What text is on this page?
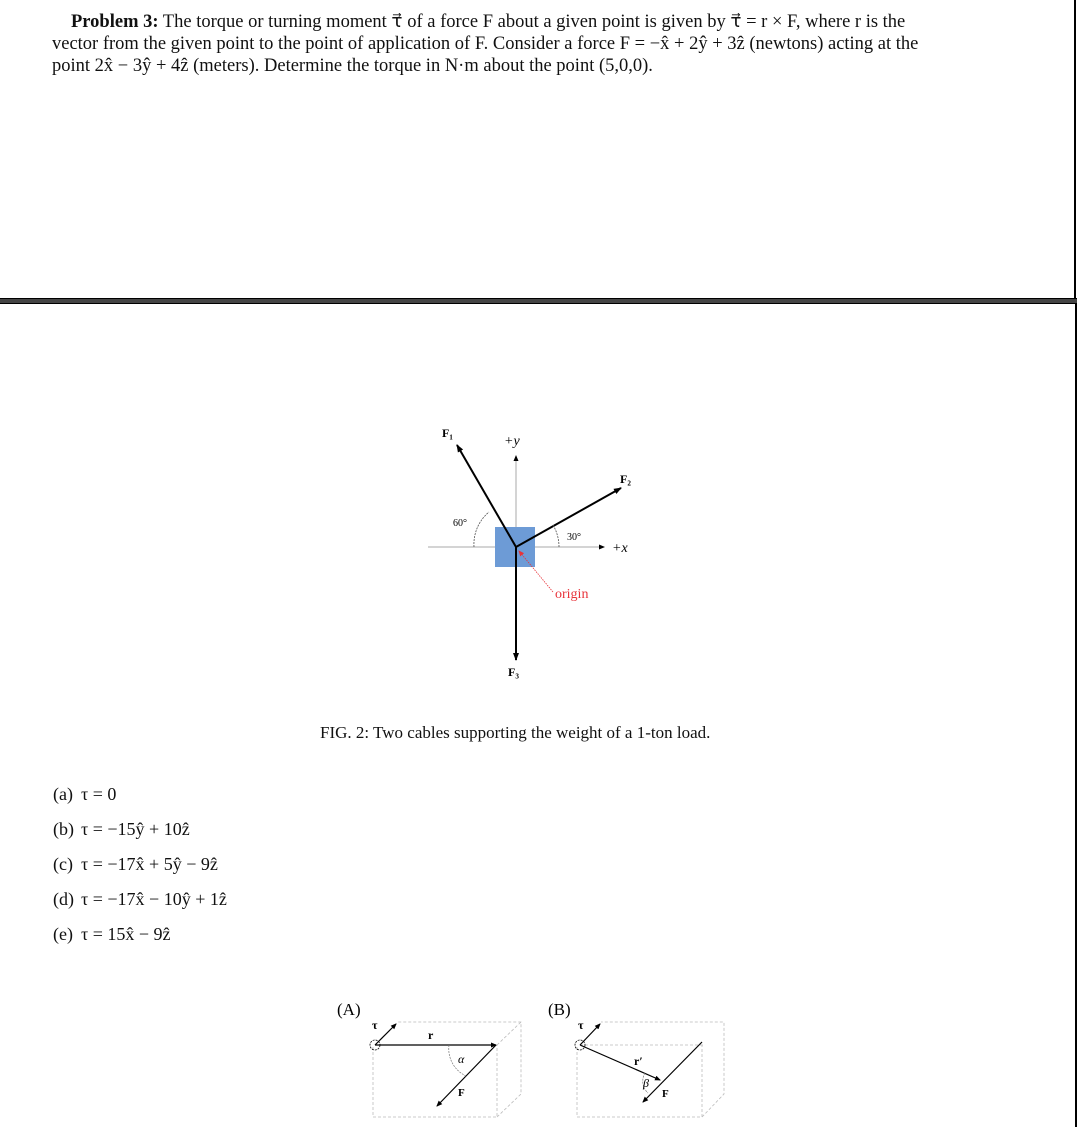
Problem 3: The torque or turning moment τ⃗ of a force F about a given point is given by τ⃗ = r × F, where r is the
vector from the given point to the point of application of F. Consider a force F = −x̂ + 2ŷ + 3ẑ (newtons) acting at the
point 2x̂ − 3ŷ + 4ẑ (meters). Determine the torque in N·m about the point (5,0,0).
F₁
F₂
F₃
+y
+x
60°
30°
origin
FIG. 2: Two cables supporting the weight of a 1-ton load.
(a) τ = 0
(b) τ = −15ŷ + 10ẑ
(c) τ = −17x̂ + 5ŷ − 9ẑ
(d) τ = −17x̂ − 10ŷ + 1ẑ
(e) τ = 15x̂ − 9ẑ
(A)
τ
r
α
F
(B)
τ
r′
β
F
